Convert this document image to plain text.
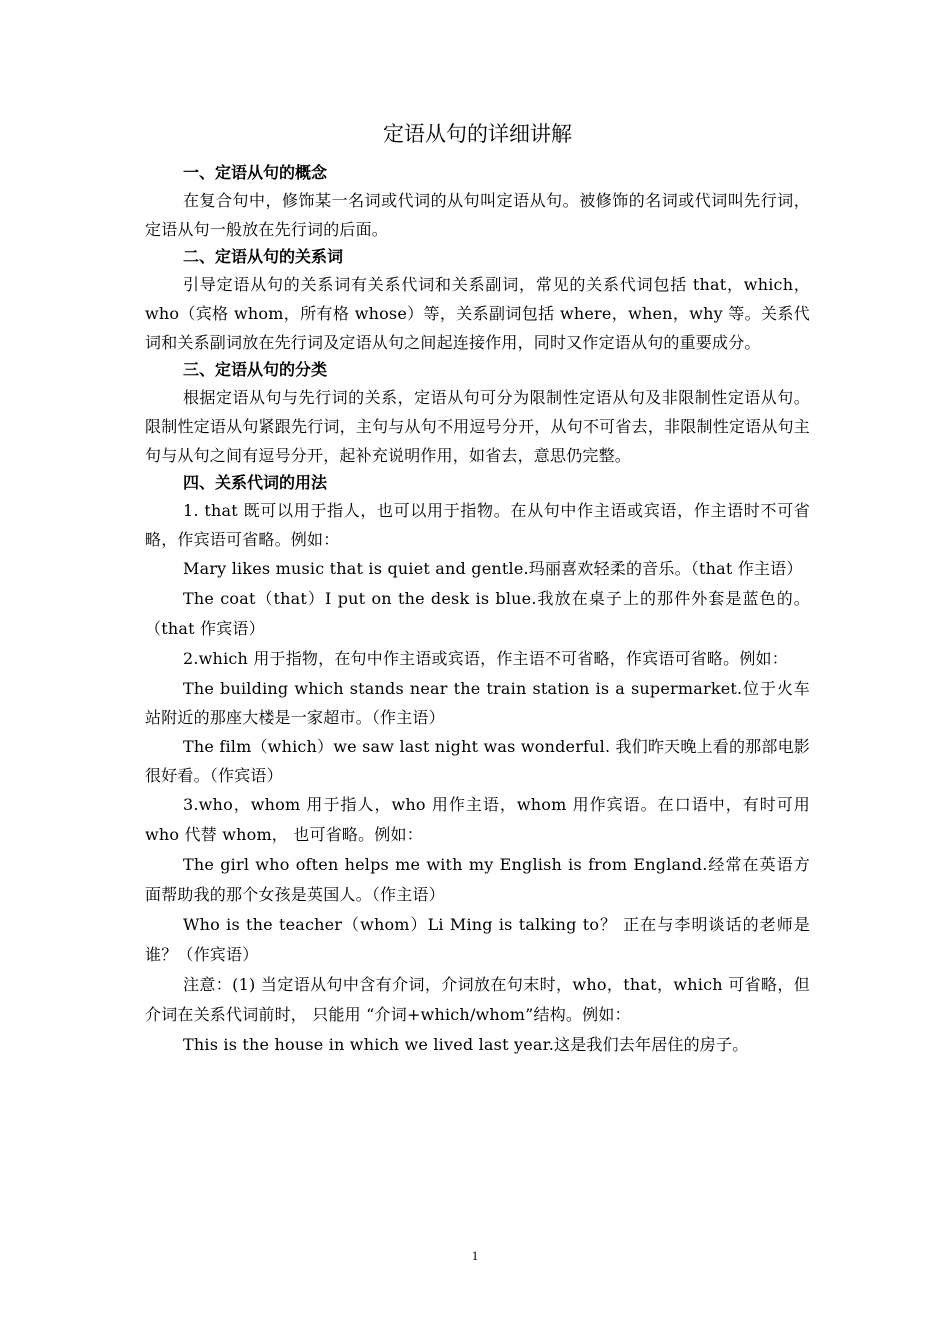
定语从句的详细讲解
一、定语从句的概念

在复合句中，修饰某一名词或代词的从句叫定语从句。被修饰的名词或代词叫先行词，定语从句一般放在先行词的后面。

二、定语从句的关系词

引导定语从句的关系词有关系代词和关系副词，常见的关系代词包括 that，which，who（宾格 whom，所有格 whose）等，关系副词包括 where，when，why 等。关系代词和关系副词放在先行词及定语从句之间起连接作用，同时又作定语从句的重要成分。

三、定语从句的分类

根据定语从句与先行词的关系，定语从句可分为限制性定语从句及非限制性定语从句。限制性定语从句紧跟先行词，主句与从句不用逗号分开，从句不可省去，非限制性定语从句主句与从句之间有逗号分开，起补充说明作用，如省去，意思仍完整。

四、关系代词的用法

1. that 既可以用于指人，也可以用于指物。在从句中作主语或宾语，作主语时不可省略，作宾语可省略。例如：

Mary likes music that is quiet and gentle.玛丽喜欢轻柔的音乐。（that 作主语）

The coat（that）I put on the desk is blue.我放在桌子上的那件外套是蓝色的。（that 作宾语）

2.which 用于指物，在句中作主语或宾语，作主语不可省略，作宾语可省略。例如：

The building which stands near the train station is a supermarket.位于火车站附近的那座大楼是一家超市。（作主语）

The film（which）we saw last night was wonderful. 我们昨天晚上看的那部电影很好看。（作宾语）

3.who，whom 用于指人，who 用作主语，whom 用作宾语。在口语中，有时可用 who 代替 whom， 也可省略。例如：

The girl who often helps me with my English is from England.经常在英语方面帮助我的那个女孩是英国人。（作主语）

Who is the teacher（whom）Li Ming is talking to？ 正在与李明谈话的老师是谁？（作宾语）

注意：(1) 当定语从句中含有介词，介词放在句末时，who，that，which 可省略，但介词在关系代词前时， 只能用 “介词+which/whom”结构。例如：

This is the house in which we lived last year.这是我们去年居住的房子。

1
